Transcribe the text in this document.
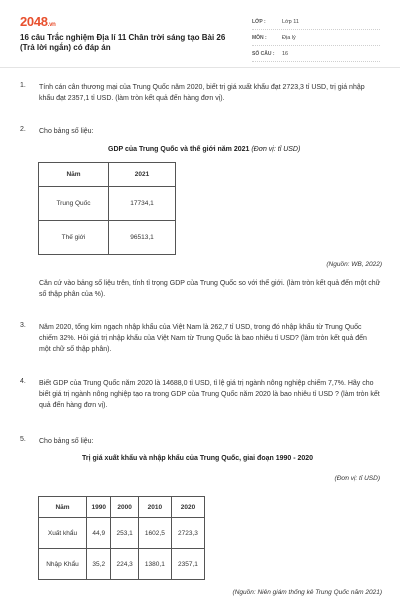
2048.vn
16 câu Trắc nghiệm Địa lí 11 Chân trời sáng tạo Bài 26 (Trả lời ngắn) có đáp án
LỚP :	Lớp 11
MÔN :	Địa lý
SỐ CÂU :	16
1. Tính cán cân thương mại của Trung Quốc năm 2020, biết trị giá xuất khẩu đạt 2723,3 tỉ USD, trị giá nhập khẩu đạt 2357,1 tỉ USD. (làm tròn kết quả đến hàng đơn vị).
2. Cho bảng số liệu:
GDP của Trung Quốc và thế giới năm 2021 (Đơn vị: tỉ USD)
Năm	2021
Trung Quốc	17734,1
Thế giới	96513,1
(Nguồn: WB, 2022)
Căn cứ vào bảng số liệu trên, tính tỉ trọng GDP của Trung Quốc so với thế giới. (làm tròn kết quả đến một chữ số thập phân của %).
3. Năm 2020, tổng kim ngạch nhập khẩu của Việt Nam là 262,7 tỉ USD, trong đó nhập khẩu từ Trung Quốc chiếm 32%. Hỏi giá trị nhập khẩu của Việt Nam từ Trung Quốc là bao nhiêu tỉ USD? (làm tròn kết quả đến một chữ số thập phân).
4. Biết GDP của Trung Quốc năm 2020 là 14688,0 tỉ USD, tỉ lệ giá trị ngành nông nghiệp chiếm 7,7%. Hãy cho biết giá trị ngành nông nghiệp tạo ra trong GDP của Trung Quốc năm 2020 là bao nhiêu tỉ USD ? (làm tròn kết quả đến hàng đơn vị).
5. Cho bảng số liệu:
Trị giá xuất khẩu và nhập khẩu của Trung Quốc, giai đoạn 1990 - 2020
(Đơn vị: tỉ USD)
Năm	1990	2000	2010	2020
Xuất khẩu	44,9	253,1	1602,5	2723,3
Nhập Khẩu	35,2	224,3	1380,1	2357,1
(Nguồn: Niên giám thống kê Trung Quốc năm 2021)
